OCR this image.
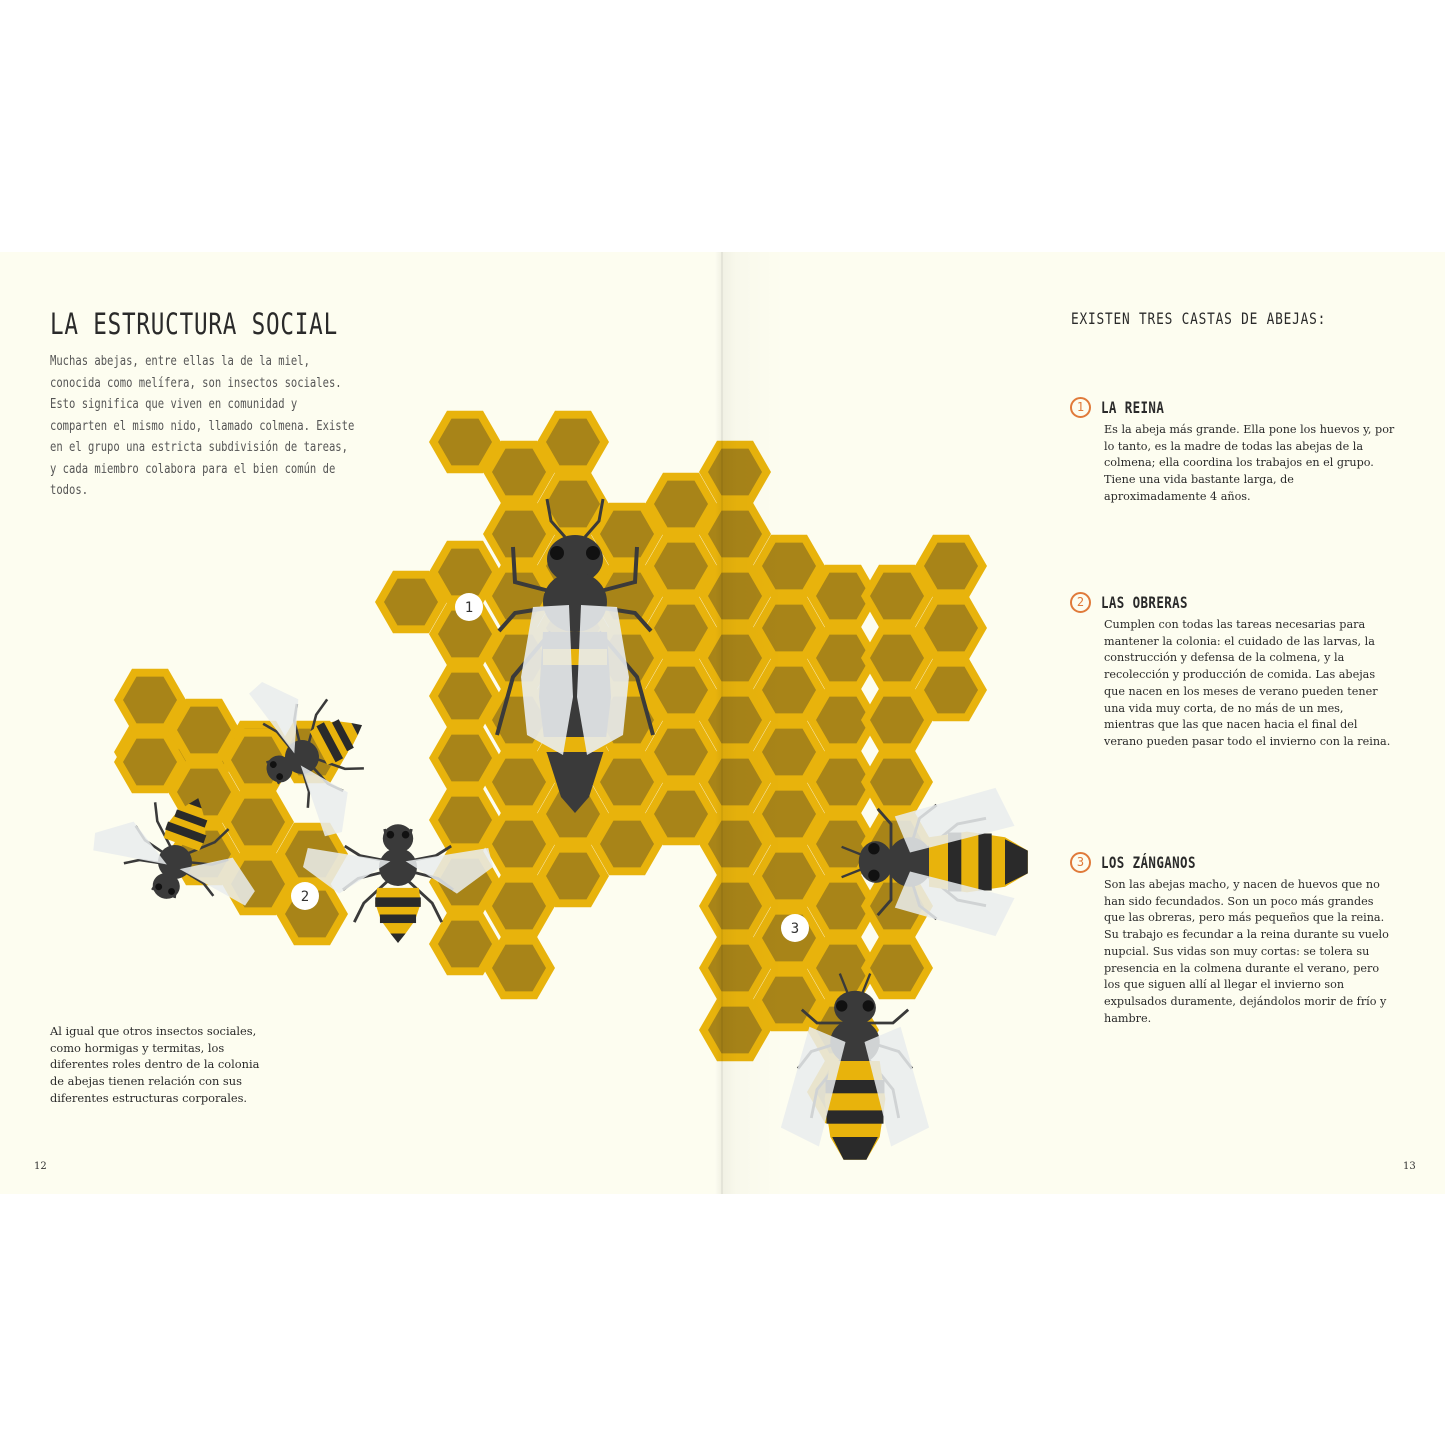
1
2
3
LA ESTRUCTURA SOCIAL

Muchas abejas, entre ellas la de la miel, conocida como melífera, son insectos sociales. Esto significa que viven en comunidad y comparten el mismo nido, llamado colmena. Existe en el grupo una estricta subdivisión de tareas, y cada miembro colabora para el bien común de todos.

Al igual que otros insectos sociales, como hormigas y termitas, los diferentes roles dentro de la colonia de abejas tienen relación con sus diferentes estructuras corporales.

12
EXISTEN TRES CASTAS DE ABEJAS:
1	LA REINA

Es la abeja más grande. Ella pone los huevos y, por lo tanto, es la madre de todas las abejas de la colmena; ella coordina los trabajos en el grupo. Tiene una vida bastante larga, de aproximadamente 4 años.

2	LAS OBRERAS

Cumplen con todas las tareas necesarias para mantener la colonia: el cuidado de las larvas, la construcción y defensa de la colmena, y la recolección y producción de comida. Las abejas que nacen en los meses de verano pueden tener una vida muy corta, de no más de un mes, mientras que las que nacen hacia el final del verano pueden pasar todo el invierno con la reina.

3	LOS ZÁNGANOS

Son las abejas macho, y nacen de huevos que no han sido fecundados. Son un poco más grandes que las obreras, pero más pequeños que la reina. Su trabajo es fecundar a la reina durante su vuelo nupcial. Sus vidas son muy cortas: se tolera su presencia en la colmena durante el verano, pero los que siguen allí al llegar el invierno son expulsados duramente, dejándolos morir de frío y hambre.

13
